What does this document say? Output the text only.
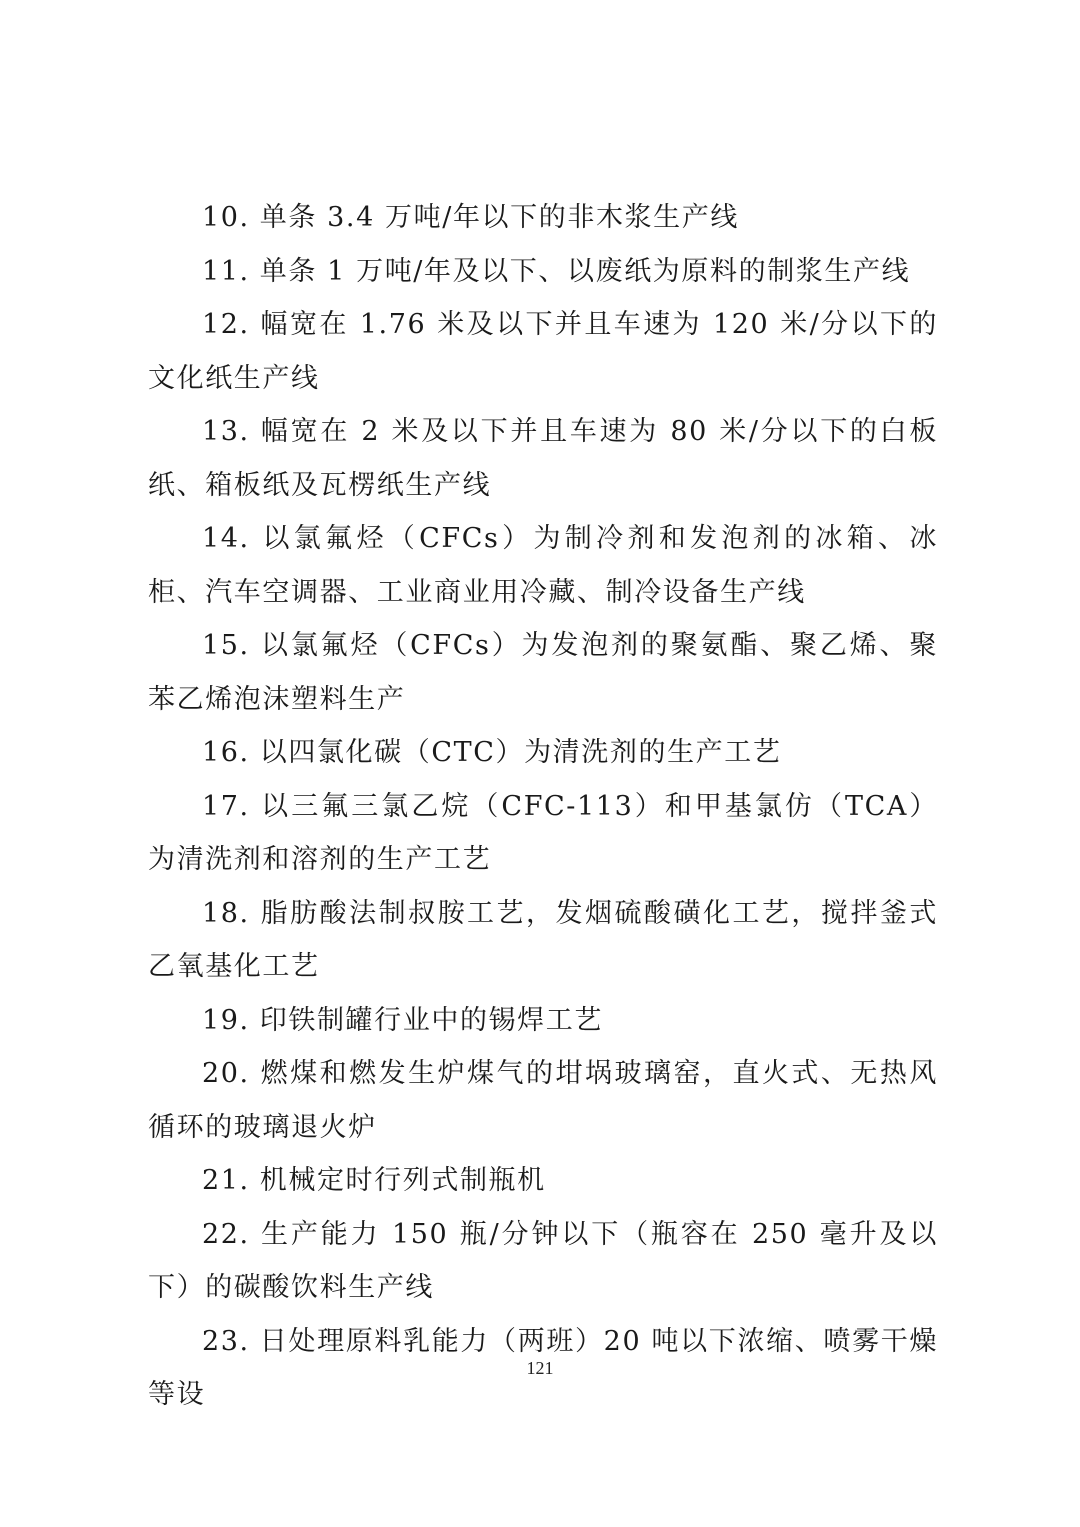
10. 单条 3.4 万吨/年以下的非木浆生产线

11. 单条 1 万吨/年及以下、以废纸为原料的制浆生产线

12. 幅宽在 1.76 米及以下并且车速为 120 米/分以下的文化纸生产线

13. 幅宽在 2 米及以下并且车速为 80 米/分以下的白板纸、箱板纸及瓦楞纸生产线

14. 以氯氟烃（CFCs）为制冷剂和发泡剂的冰箱、冰柜、汽车空调器、工业商业用冷藏、制冷设备生产线

15. 以氯氟烃（CFCs）为发泡剂的聚氨酯、聚乙烯、聚苯乙烯泡沫塑料生产

16. 以四氯化碳（CTC）为清洗剂的生产工艺

17. 以三氟三氯乙烷（CFC-113）和甲基氯仿（TCA）为清洗剂和溶剂的生产工艺

18. 脂肪酸法制叔胺工艺，发烟硫酸磺化工艺，搅拌釜式乙氧基化工艺

19. 印铁制罐行业中的锡焊工艺

20. 燃煤和燃发生炉煤气的坩埚玻璃窑，直火式、无热风循环的玻璃退火炉

21. 机械定时行列式制瓶机

22. 生产能力 150 瓶/分钟以下（瓶容在 250 毫升及以下）的碳酸饮料生产线

23. 日处理原料乳能力（两班）20 吨以下浓缩、喷雾干燥等设

121
